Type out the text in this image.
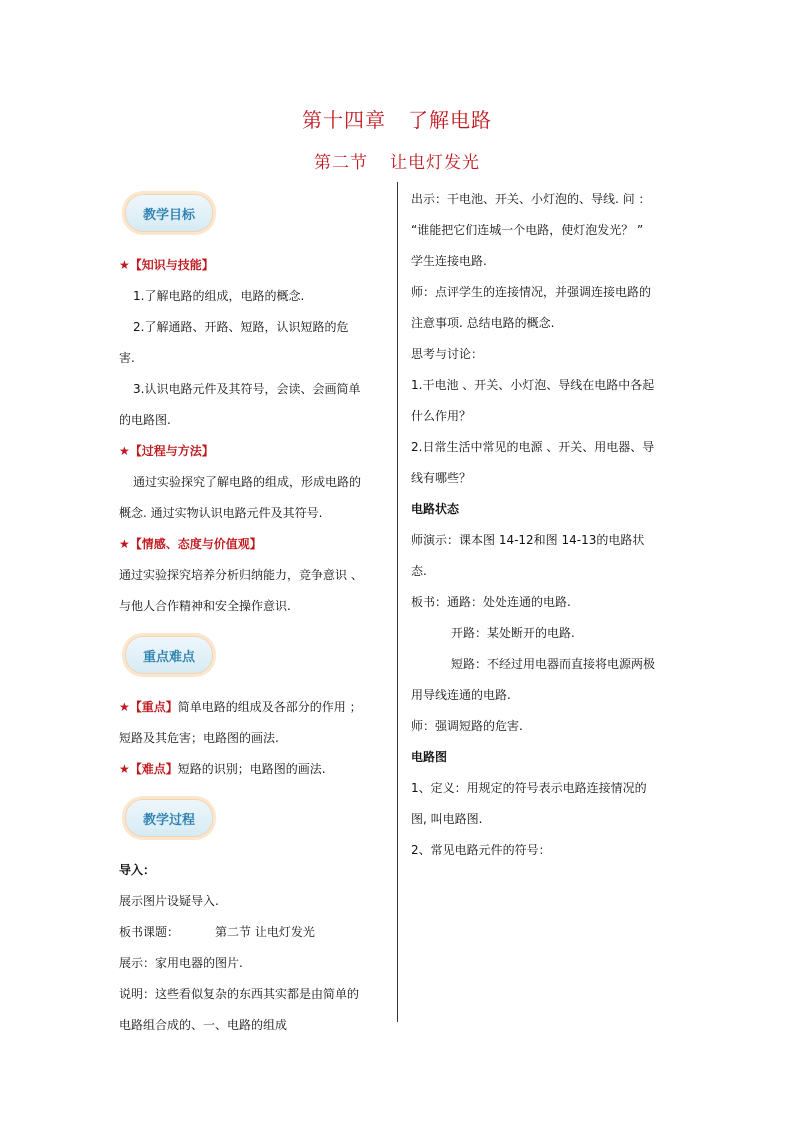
第十四章 了解电路
第二节 让电灯发光
教学目标

★【知识与技能】

1.了解电路的组成，电路的概念.

2.了解通路、开路、短路，认识短路的危

害.

3.认识电路元件及其符号，会读、会画简单

的电路图.

★【过程与方法】

通过实验探究了解电路的组成，形成电路的

概念. 通过实物认识电路元件及其符号.

★【情感、态度与价值观】

通过实验探究培养分析归纳能力，竞争意识 、

与他人合作精神和安全操作意识.

重点难点

★【重点】简单电路的组成及各部分的作用 ；

短路及其危害；电路图的画法.

★【难点】短路的识别；电路图的画法.

教学过程

导入：

展示图片设疑导入.

板书课题：	第二节 让电灯发光

展示：家用电器的图片.

说明：这些看似复杂的东西其实都是由简单的

电路组合成的、一、电路的组成

出示：干电池、开关、小灯泡的、导线. 问 ：

“谁能把它们连城一个电路，使灯泡发光？ ”

学生连接电路.

师：点评学生的连接情况，并强调连接电路的

注意事项. 总结电路的概念.

思考与讨论：

1.干电池 、开关、小灯泡、导线在电路中各起

什么作用？

2.日常生活中常见的电源 、开关、用电器、导

线有哪些？

电路状态

师演示：课本图 14-12和图 14-13的电路状

态.

板书：通路：处处连通的电路.

开路：某处断开的电路.

短路：不经过用电器而直接将电源两极

用导线连通的电路.

师：强调短路的危害.

电路图

1、定义：用规定的符号表示电路连接情况的

图, 叫电路图.

2、常见电路元件的符号：
